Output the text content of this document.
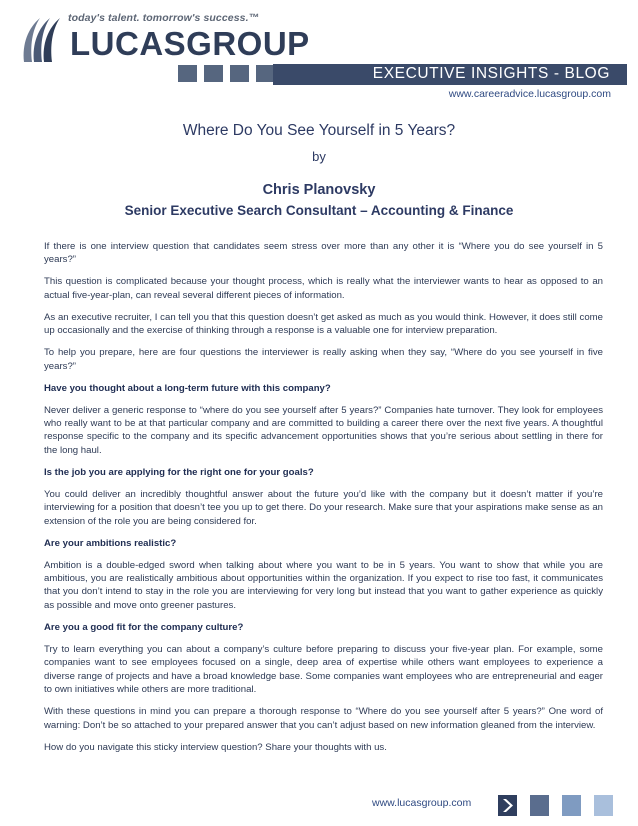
today's talent. tomorrow's success.™
LUCASGROUP
EXECUTIVE INSIGHTS - BLOG
www.careeradvice.lucasgroup.com
Where Do You See Yourself in 5 Years?
by
Chris Planovsky
Senior Executive Search Consultant – Accounting & Finance

If there is one interview question that candidates seem stress over more than any other it is “Where you do see yourself in 5 years?”

This question is complicated because your thought process, which is really what the interviewer wants to hear as opposed to an actual five-year-plan, can reveal several different pieces of information.

As an executive recruiter, I can tell you that this question doesn’t get asked as much as you would think. However, it does still come up occasionally and the exercise of thinking through a response is a valuable one for interview preparation.

To help you prepare, here are four questions the interviewer is really asking when they say, “Where do you see yourself in five years?”

Have you thought about a long-term future with this company?

Never deliver a generic response to “where do you see yourself after 5 years?” Companies hate turnover. They look for employees who really want to be at that particular company and are committed to building a career there over the next five years. A thoughtful response specific to the company and its specific advancement opportunities shows that you’re serious about settling in there for the long haul.

Is the job you are applying for the right one for your goals?

You could deliver an incredibly thoughtful answer about the future you’d like with the company but it doesn’t matter if you’re interviewing for a position that doesn’t tee you up to get there. Do your research. Make sure that your aspirations make sense as an extension of the role you are being considered for.

Are your ambitions realistic?

Ambition is a double-edged sword when talking about where you want to be in 5 years. You want to show that while you are ambitious, you are realistically ambitious about opportunities within the organization. If you expect to rise too fast, it communicates that you don’t intend to stay in the role you are interviewing for very long but instead that you want to gather experience as quickly as possible and move onto greener pastures.

Are you a good fit for the company culture?

Try to learn everything you can about a company’s culture before preparing to discuss your five-year plan. For example, some companies want to see employees focused on a single, deep area of expertise while others want employees to experience a diverse range of projects and have a broad knowledge base. Some companies want employees who are entrepreneurial and eager to own initiatives while others are more traditional.

With these questions in mind you can prepare a thorough response to “Where do you see yourself after 5 years?” One word of warning: Don’t be so attached to your prepared answer that you can’t adjust based on new information gleaned from the interview.

How do you navigate this sticky interview question? Share your thoughts with us.

www.lucasgroup.com
